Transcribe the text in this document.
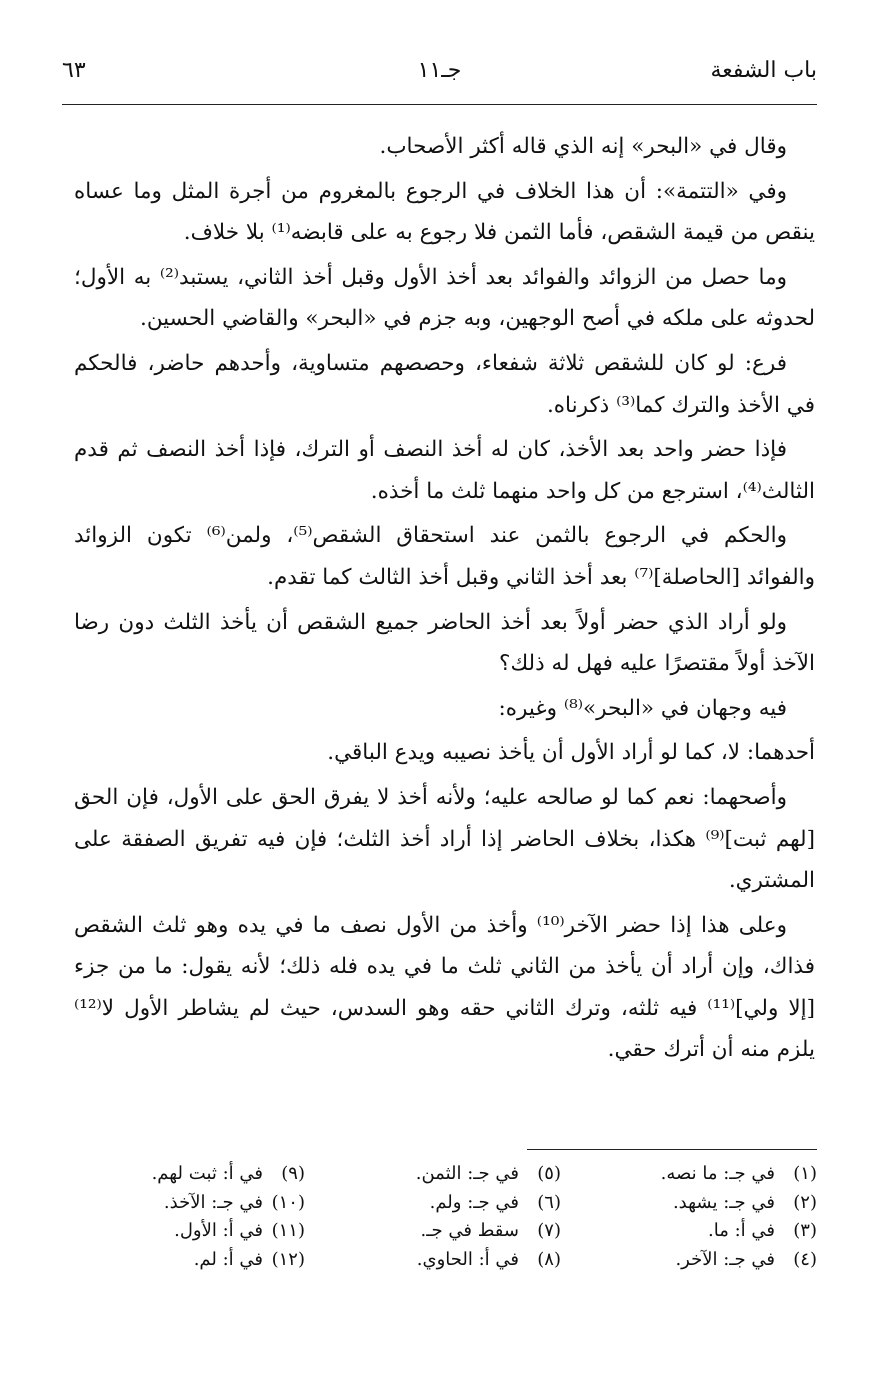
باب الشفعة
جـ١١
٦٣

وقال في «البحر» إنه الذي قاله أكثر الأصحاب.

وفي «التتمة»: أن هذا الخلاف في الرجوع بالمغروم من أجرة المثل وما عساه ينقص من قيمة الشقص، فأما الثمن فلا رجوع به على قابضه⁽¹⁾ بلا خلاف.

وما حصل من الزوائد والفوائد بعد أخذ الأول وقبل أخذ الثاني، يستبد⁽²⁾ به الأول؛ لحدوثه على ملكه في أصح الوجهين، وبه جزم في «البحر» والقاضي الحسين.

فرع: لو كان للشقص ثلاثة شفعاء، وحصصهم متساوية، وأحدهم حاضر، فالحكم في الأخذ والترك كما⁽³⁾ ذكرناه.

فإذا حضر واحد بعد الأخذ، كان له أخذ النصف أو الترك، فإذا أخذ النصف ثم قدم الثالث⁽⁴⁾، استرجع من كل واحد منهما ثلث ما أخذه.

والحكم في الرجوع بالثمن عند استحقاق الشقص⁽⁵⁾، ولمن⁽⁶⁾ تكون الزوائد والفوائد [الحاصلة]⁽⁷⁾ بعد أخذ الثاني وقبل أخذ الثالث كما تقدم.

ولو أراد الذي حضر أولاً بعد أخذ الحاضر جميع الشقص أن يأخذ الثلث دون رضا الآخذ أولاً مقتصرًا عليه فهل له ذلك؟

فيه وجهان في «البحر»⁽⁸⁾ وغيره:

أحدهما: لا، كما لو أراد الأول أن يأخذ نصيبه ويدع الباقي.

وأصحهما: نعم كما لو صالحه عليه؛ ولأنه أخذ لا يفرق الحق على الأول، فإن الحق [لهم ثبت]⁽⁹⁾ هكذا، بخلاف الحاضر إذا أراد أخذ الثلث؛ فإن فيه تفريق الصفقة على المشتري.

وعلى هذا إذا حضر الآخر⁽¹⁰⁾ وأخذ من الأول نصف ما في يده وهو ثلث الشقص فذاك، وإن أراد أن يأخذ من الثاني ثلث ما في يده فله ذلك؛ لأنه يقول: ما من جزء [إلا ولي]⁽¹¹⁾ فيه ثلثه، وترك الثاني حقه وهو السدس، حيث لم يشاطر الأول لا⁽¹²⁾ يلزم منه أن أترك حقي.

(١)
في جـ: ما نصه.
(٢)
في جـ: يشهد.
(٣)
في أ: ما.
(٤)
في جـ: الآخر.
(٥)
في جـ: الثمن.
(٦)
في جـ: ولم.
(٧)
سقط في جـ.
(٨)
في أ: الحاوي.
(٩)
في أ: ثبت لهم.
(١٠)
في جـ: الآخذ.
(١١)
في أ: الأول.
(١٢)
في أ: لم.
